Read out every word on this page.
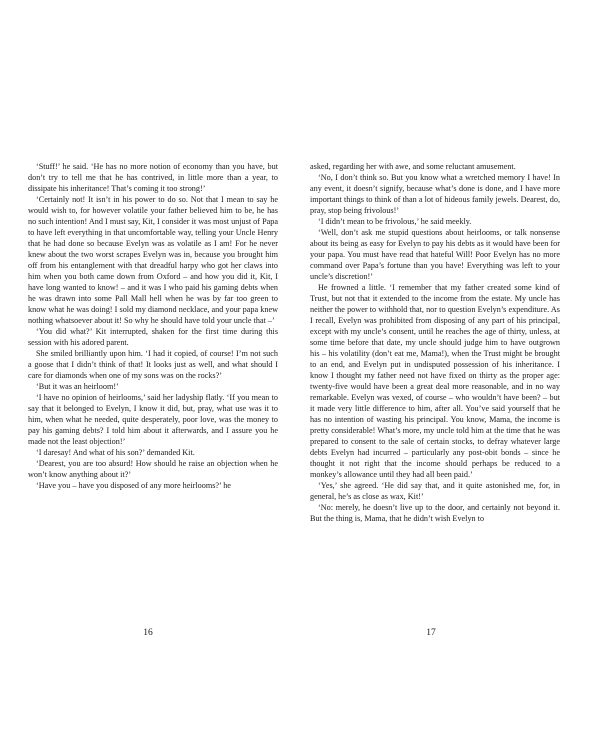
‘Stuff!’ he said. ‘He has no more notion of economy than you have, but don’t try to tell me that he has contrived, in little more than a year, to dissipate his inheritance! That’s coming it too strong!’

‘Certainly not! It isn’t in his power to do so. Not that I mean to say he would wish to, for however volatile your father believed him to be, he has no such intention! And I must say, Kit, I consider it was most unjust of Papa to have left everything in that uncomfortable way, telling your Uncle Henry that he had done so because Evelyn was as volatile as I am! For he never knew about the two worst scrapes Evelyn was in, because you brought him off from his entanglement with that dreadful harpy who got her claws into him when you both came down from Oxford – and how you did it, Kit, I have long wanted to know! – and it was I who paid his gaming debts when he was drawn into some Pall Mall hell when he was by far too green to know what he was doing! I sold my diamond necklace, and your papa knew nothing whatsoever about it! So why he should have told your uncle that –’

‘You did what?’ Kit interrupted, shaken for the first time during this session with his adored parent.

She smiled brilliantly upon him. ‘I had it copied, of course! I’m not such a goose that I didn’t think of that! It looks just as well, and what should I care for diamonds when one of my sons was on the rocks?’

‘But it was an heirloom!’

‘I have no opinion of heirlooms,’ said her ladyship flatly. ‘If you mean to say that it belonged to Evelyn, I know it did, but, pray, what use was it to him, when what he needed, quite desperately, poor love, was the money to pay his gaming debts? I told him about it afterwards, and I assure you he made not the least objection!’

‘I daresay! And what of his son?’ demanded Kit.

‘Dearest, you are too absurd! How should he raise an objection when he won’t know anything about it?’

‘Have you – have you disposed of any more heirlooms?’ he

16

asked, regarding her with awe, and some reluctant amusement.

‘No, I don’t think so. But you know what a wretched memory I have! In any event, it doesn’t signify, because what’s done is done, and I have more important things to think of than a lot of hideous family jewels. Dearest, do, pray, stop being frivolous!’

‘I didn’t mean to be frivolous,’ he said meekly.

‘Well, don’t ask me stupid questions about heirlooms, or talk nonsense about its being as easy for Evelyn to pay his debts as it would have been for your papa. You must have read that hateful Will! Poor Evelyn has no more command over Papa’s fortune than you have! Everything was left to your uncle’s discretion!’

He frowned a little. ‘I remember that my father created some kind of Trust, but not that it extended to the income from the estate. My uncle has neither the power to withhold that, nor to question Evelyn’s expenditure. As I recall, Evelyn was prohibited from disposing of any part of his principal, except with my uncle’s consent, until he reaches the age of thirty, unless, at some time before that date, my uncle should judge him to have outgrown his – his volatility (don’t eat me, Mama!), when the Trust might be brought to an end, and Evelyn put in undisputed possession of his inheritance. I know I thought my father need not have fixed on thirty as the proper age: twenty-five would have been a great deal more reasonable, and in no way remarkable. Evelyn was vexed, of course – who wouldn’t have been? – but it made very little difference to him, after all. You’ve said yourself that he has no intention of wasting his principal. You know, Mama, the income is pretty considerable! What’s more, my uncle told him at the time that he was prepared to consent to the sale of certain stocks, to defray whatever large debts Evelyn had incurred – particularly any post-obit bonds – since he thought it not right that the income should perhaps be reduced to a monkey’s allowance until they had all been paid.’

‘Yes,’ she agreed. ‘He did say that, and it quite astonished me, for, in general, he’s as close as wax, Kit!’

‘No: merely, he doesn’t live up to the door, and certainly not beyond it. But the thing is, Mama, that he didn’t wish Evelyn to

17
